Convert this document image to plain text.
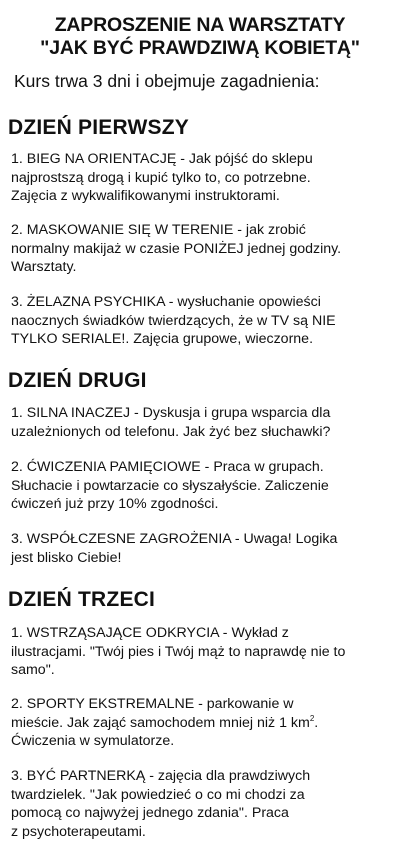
ZAPROSZENIE NA WARSZTATY
"JAK BYĆ PRAWDZIWĄ KOBIETĄ"

Kurs trwa 3 dni i obejmuje zagadnienia:

DZIEŃ PIERWSZY

1. BIEG NA ORIENTACJĘ - Jak pójść do sklepu
najprostszą drogą i kupić tylko to, co potrzebne.
Zajęcia z wykwalifikowanymi instruktorami.

2. MASKOWANIE SIĘ W TERENIE - jak zrobić
normalny makijaż w czasie PONIŻEJ jednej godziny.
Warsztaty.

3. ŻELAZNA PSYCHIKA - wysłuchanie opowieści
naocznych świadków twierdzących, że w TV są NIE
TYLKO SERIALE!. Zajęcia grupowe, wieczorne.

DZIEŃ DRUGI

1. SILNA INACZEJ - Dyskusja i grupa wsparcia dla
uzależnionych od telefonu. Jak żyć bez słuchawki?

2. ĆWICZENIA PAMIĘCIOWE - Praca w grupach.
Słuchacie i powtarzacie co słyszałyście. Zaliczenie
ćwiczeń już przy 10% zgodności.

3. WSPÓŁCZESNE ZAGROŻENIA - Uwaga! Logika
jest blisko Ciebie!

DZIEŃ TRZECI

1. WSTRZĄSAJĄCE ODKRYCIA - Wykład z
ilustracjami. "Twój pies i Twój mąż to naprawdę nie to
samo".

2. SPORTY EKSTREMALNE - parkowanie w
mieście. Jak zająć samochodem mniej niż 1 $km^2$.
Ćwiczenia w symulatorze.

3. BYĆ PARTNERKĄ - zajęcia dla prawdziwych
twardzielek. "Jak powiedzieć o co mi chodzi za
pomocą co najwyżej jednego zdania". Praca
z psychoterapeutami.
